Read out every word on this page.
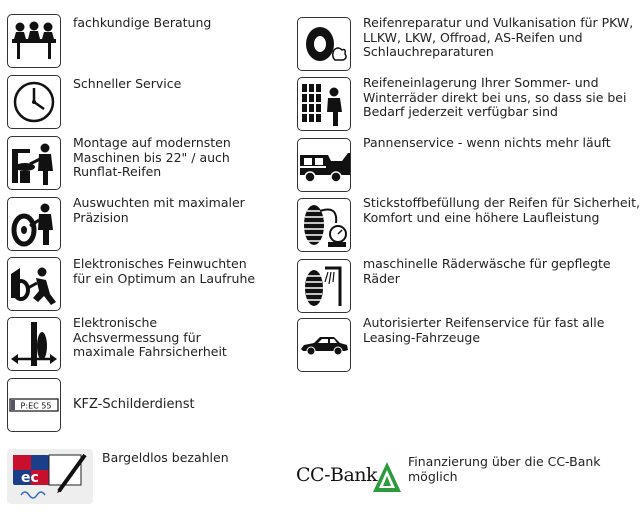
fachkundige Beratung
Schneller Service
Montage auf modernsten
Maschinen bis 22" / auch
Runflat-Reifen
Auswuchten mit maximaler
Präzision
Elektronisches Feinwuchten
für ein Optimum an Laufruhe
Elektronische
Achsvermessung für
maximale Fahrsicherheit
P:EC 55 KFZ-Schilderdienst
Reifenreparatur und Vulkanisation für PKW,
LLKW, LKW, Offroad, AS-Reifen und
Schlauchreparaturen
Reifeneinlagerung Ihrer Sommer- und
Winterräder direkt bei uns, so dass sie bei
Bedarf jederzeit verfügbar sind
Pannenservice - wenn nichts mehr läuft
Stickstoffbefüllung der Reifen für Sicherheit,
Komfort und eine höhere Laufleistung
maschinelle Räderwäsche für gepflegte
Räder
Autorisierter Reifenservice für fast alle
Leasing-Fahrzeuge
ec
Bargeldlos bezahlen
CC-Bank
Finanzierung über die CC-Bank
möglich
